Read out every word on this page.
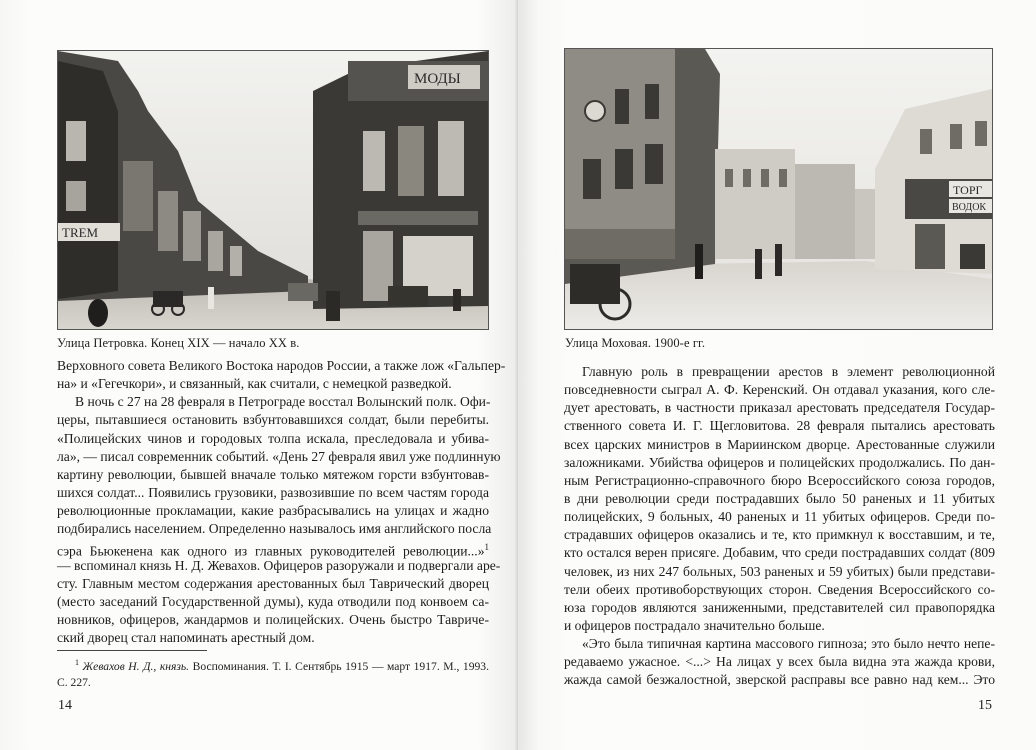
TREM
МОДЫ
Улица Петровка. Конец XIX — начало XX в.
Верховного совета Великого Востока народов России, а также лож «Гальпер-
на» и «Гегечкори», и связанный, как считали, с немецкой разведкой.
В ночь с 27 на 28 февраля в Петрограде восстал Волынский полк. Офи-
церы, пытавшиеся остановить взбунтовавшихся солдат, были перебиты.
«Полицейских чинов и городовых толпа искала, преследовала и убива-
ла», — писал современник событий. «День 27 февраля явил уже подлинную
картину революции, бывшей вначале только мятежом горсти взбунтовав-
шихся солдат... Появились грузовики, развозившие по всем частям города
революционные прокламации, какие разбрасывались на улицах и жадно
подбирались населением. Определенно называлось имя английского посла
сэра Бьюкенена как одного из главных руководителей революции...»$^1$
— вспоминал князь Н. Д. Жевахов. Офицеров разоружали и подвергали аре-
сту. Главным местом содержания арестованных был Таврический дворец
(место заседаний Государственной думы), куда отводили под конвоем са-
новников, офицеров, жандармов и полицейских. Очень быстро Тавриче-
ский дворец стал напоминать арестный дом.
$^1$ Жевахов Н. Д., князь. Воспоминания. Т. I. Сентябрь 1915 — март 1917. М., 1993.
С. 227.
14
ТОРГ
ВОДОК
Улица Моховая. 1900-е гг.
Главную роль в превращении арестов в элемент революционной
повседневности сыграл А. Ф. Керенский. Он отдавал указания, кого сле-
дует арестовать, в частности приказал арестовать председателя Государ-
ственного совета И. Г. Щегловитова. 28 февраля пытались арестовать
всех царских министров в Мариинском дворце. Арестованные служили
заложниками. Убийства офицеров и полицейских продолжались. По дан-
ным Регистрационно-справочного бюро Всероссийского союза городов,
в дни революции среди пострадавших было 50 раненых и 11 убитых
полицейских, 9 больных, 40 раненых и 11 убитых офицеров. Среди по-
страдавших офицеров оказались и те, кто примкнул к восставшим, и те,
кто остался верен присяге. Добавим, что среди пострадавших солдат (809
человек, из них 247 больных, 503 раненых и 59 убитых) были представи-
тели обеих противоборствующих сторон. Сведения Всероссийского со-
юза городов являются заниженными, представителей сил правопорядка
и офицеров пострадало значительно больше.
«Это была типичная картина массового гипноза; это было нечто непе-
редаваемо ужасное. <...> На лицах у всех была видна эта жажда крови,
жажда самой безжалостной, зверской расправы все равно над кем... Это
15
